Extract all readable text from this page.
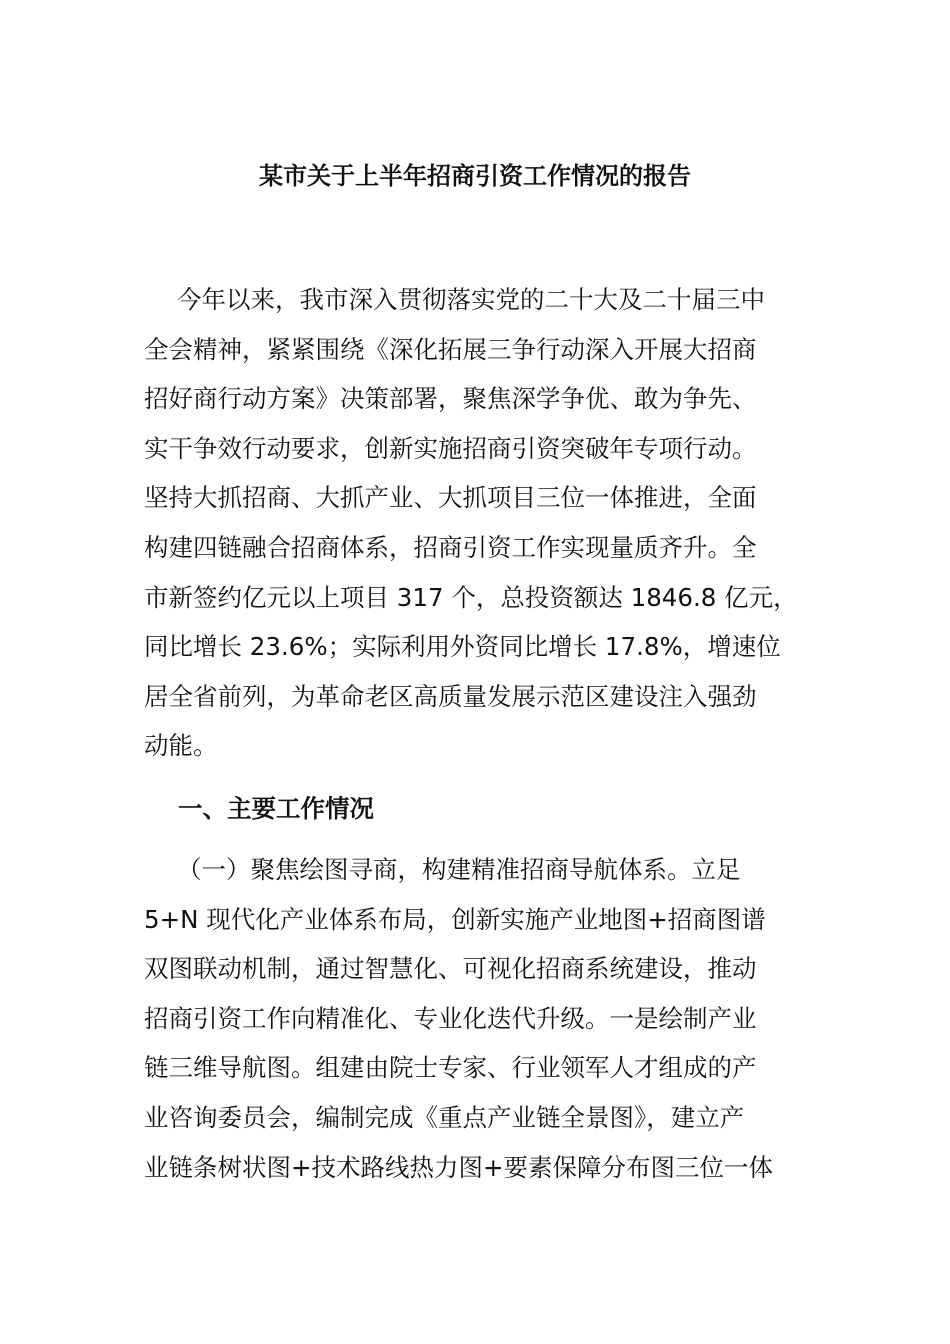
某市关于上半年招商引资工作情况的报告
今年以来，我市深入贯彻落实党的二十大及二十届三中
全会精神，紧紧围绕《深化拓展三争行动深入开展大招商
招好商行动方案》决策部署，聚焦深学争优、敢为争先、
实干争效行动要求，创新实施招商引资突破年专项行动。
坚持大抓招商、大抓产业、大抓项目三位一体推进，全面
构建四链融合招商体系，招商引资工作实现量质齐升。全
市新签约亿元以上项目 317 个，总投资额达 1846.8 亿元，
同比增长 23.6%；实际利用外资同比增长 17.8%，增速位
居全省前列，为革命老区高质量发展示范区建设注入强劲
动能。
一、主要工作情况
（一）聚焦绘图寻商，构建精准招商导航体系。立足
5+N 现代化产业体系布局，创新实施产业地图+招商图谱
双图联动机制，通过智慧化、可视化招商系统建设，推动
招商引资工作向精准化、专业化迭代升级。一是绘制产业
链三维导航图。组建由院士专家、行业领军人才组成的产
业咨询委员会，编制完成《重点产业链全景图》，建立产
业链条树状图+技术路线热力图+要素保障分布图三位一体
